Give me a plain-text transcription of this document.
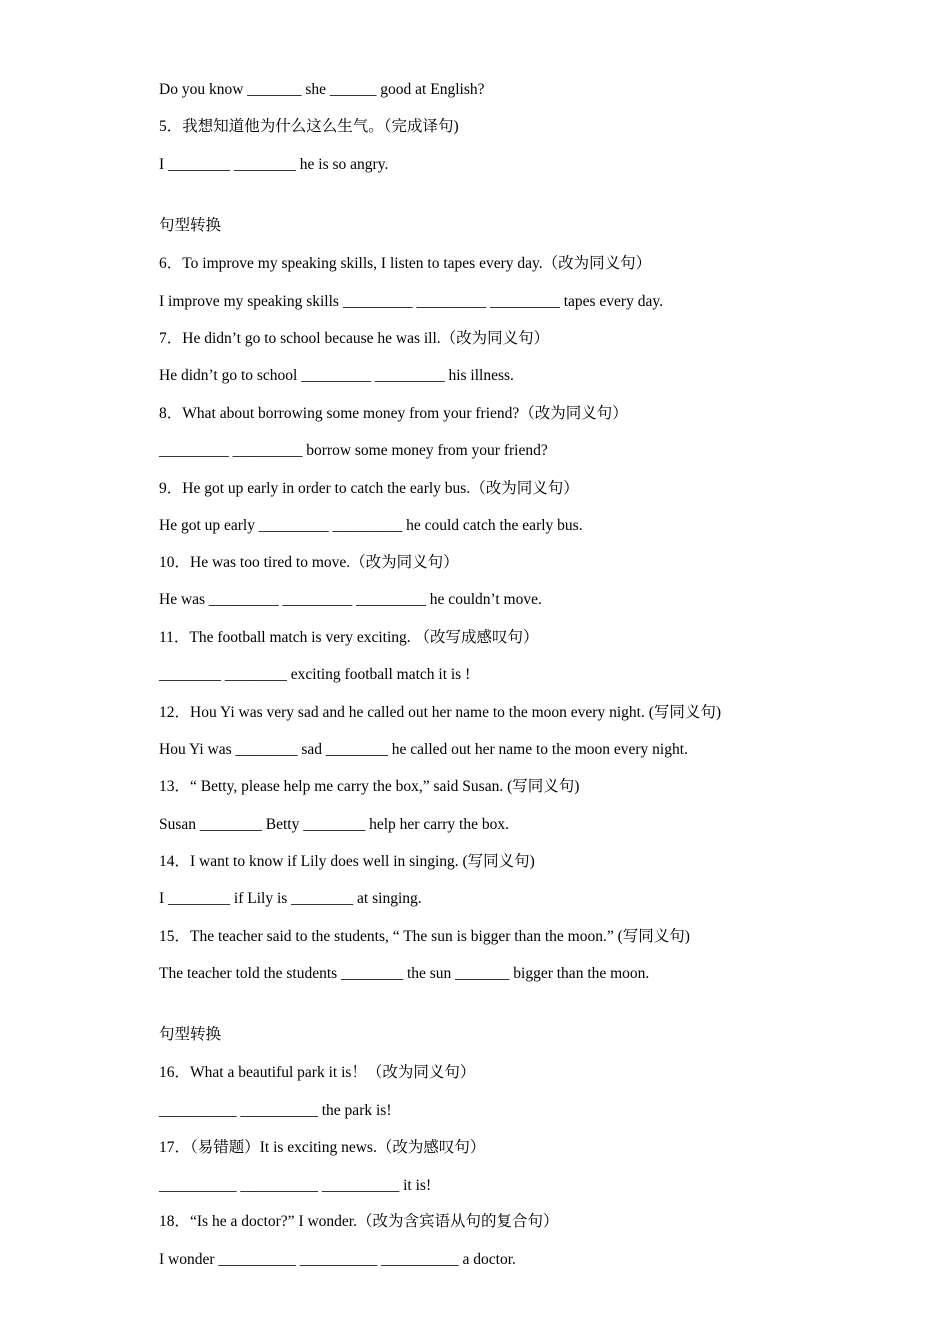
Do you know _______ she ______ good at English?
5．我想知道他为什么这么生气。（完成译句)
I ________ ________ he is so angry.
句型转换
6．To improve my speaking skills, I listen to tapes every day.（改为同义句）
I improve my speaking skills _________ _________ _________ tapes every day.
7．He didn’t go to school because he was ill.（改为同义句）
He didn’t go to school _________ _________ his illness.
8．What about borrowing some money from your friend?（改为同义句）
_________ _________ borrow some money from your friend?
9．He got up early in order to catch the early bus.（改为同义句）
He got up early _________ _________ he could catch the early bus.
10．He was too tired to move.（改为同义句）
He was _________ _________ _________ he couldn’t move.
11．The football match is very exciting. （改写成感叹句）
________ ________ exciting football match it is !
12．Hou Yi was very sad and he called out her name to the moon every night. (写同义句)
Hou Yi was ________ sad ________ he called out her name to the moon every night.
13．“ Betty, please help me carry the box,” said Susan. (写同义句)
Susan ________ Betty ________ help her carry the box.
14．I want to know if Lily does well in singing. (写同义句)
I ________ if Lily is ________ at singing.
15．The teacher said to the students, “ The sun is bigger than the moon.” (写同义句)
The teacher told the students ________ the sun _______ bigger than the moon.
句型转换
16．What a beautiful park it is！（改为同义句）
__________ __________ the park is!
17．（易错题）It is exciting news.（改为感叹句）
__________ __________ __________ it is!
18．“Is he a doctor?” I wonder.（改为含宾语从句的复合句）
I wonder __________ __________ __________ a doctor.
